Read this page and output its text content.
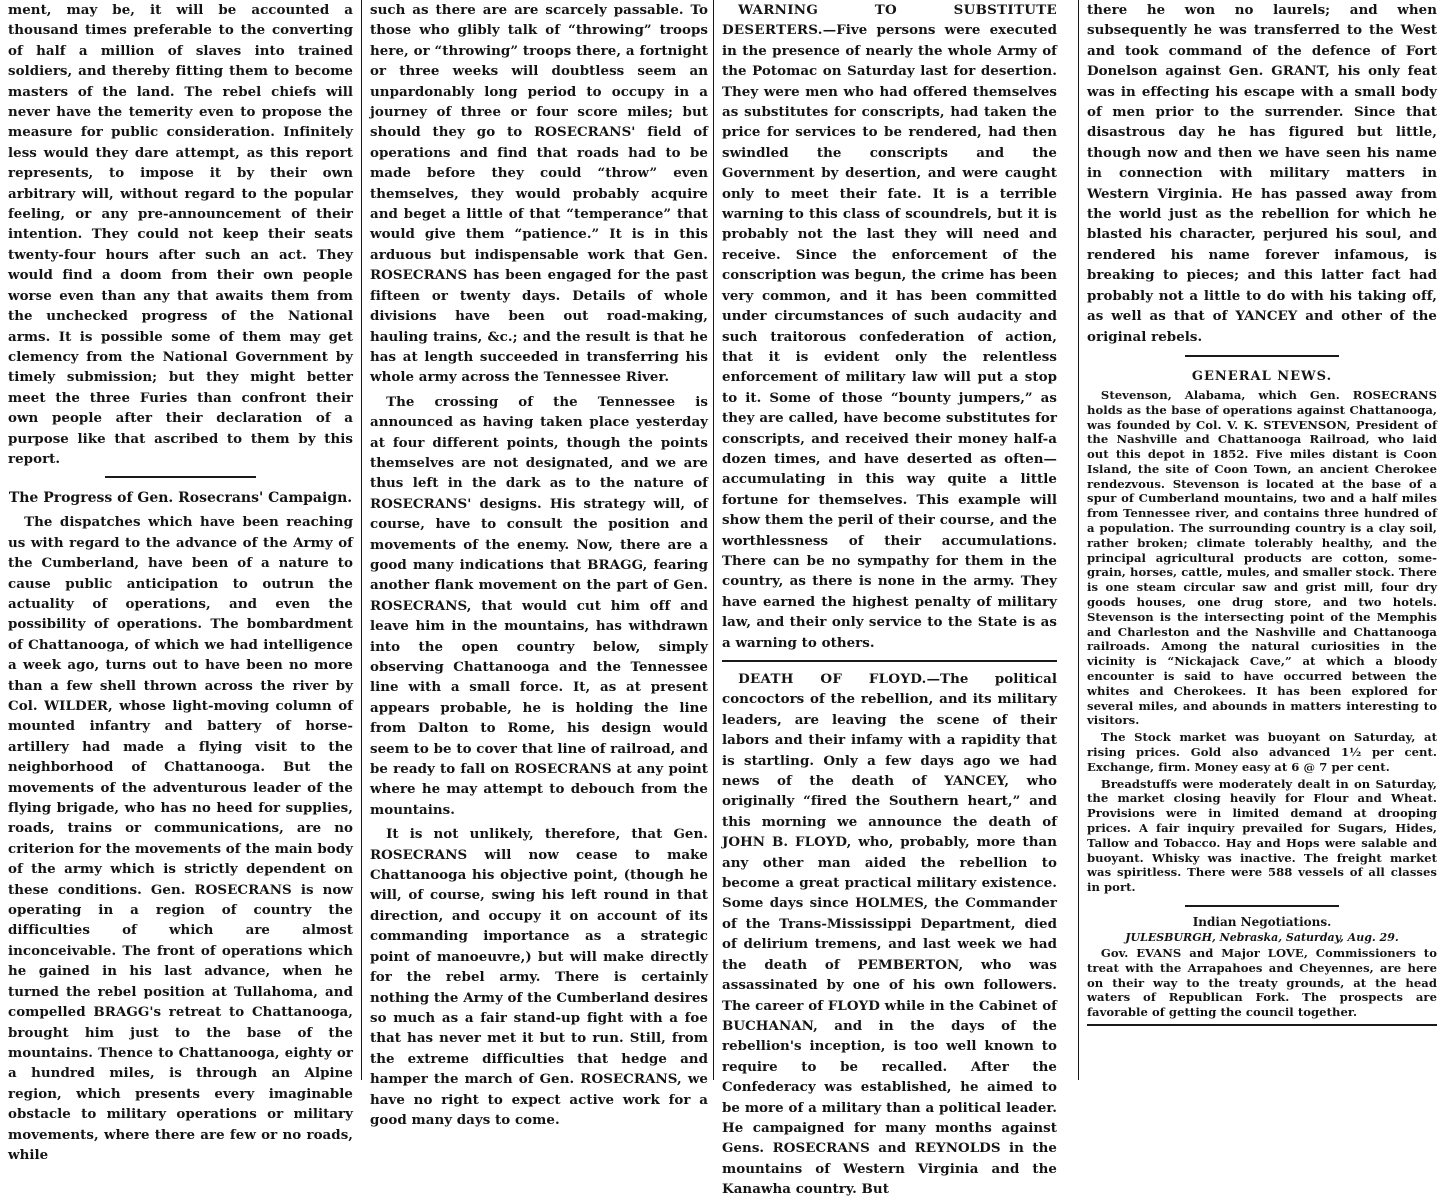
ment, may be, it will be accounted a thousand times preferable to the converting of half a million of slaves into trained soldiers, and thereby fitting them to become masters of the land. The rebel chiefs will never have the temerity even to propose the measure for public consideration. Infinitely less would they dare attempt, as this report represents, to impose it by their own arbitrary will, without regard to the popular feeling, or any pre-announcement of their intention. They could not keep their seats twenty-four hours after such an act. They would find a doom from their own people worse even than any that awaits them from the unchecked progress of the National arms. It is possible some of them may get clemency from the National Government by timely submission; but they might better meet the three Furies than confront their own people after their declaration of a purpose like that ascribed to them by this report.

The Progress of Gen. Rosecrans' Campaign.

The dispatches which have been reaching us with regard to the advance of the Army of the Cumberland, have been of a nature to cause public anticipation to outrun the actuality of operations, and even the possibility of operations. The bombardment of Chattanooga, of which we had intelligence a week ago, turns out to have been no more than a few shell thrown across the river by Col. WILDER, whose light-moving column of mounted infantry and battery of horse-artillery had made a flying visit to the neighborhood of Chattanooga. But the movements of the adventurous leader of the flying brigade, who has no heed for supplies, roads, trains or communications, are no criterion for the movements of the main body of the army which is strictly dependent on these conditions. Gen. ROSECRANS is now operating in a region of country the difficulties of which are almost inconceivable. The front of operations which he gained in his last advance, when he turned the rebel position at Tullahoma, and compelled BRAGG's retreat to Chattanooga, brought him just to the base of the mountains. Thence to Chattanooga, eighty or a hundred miles, is through an Alpine region, which presents every imaginable obstacle to military operations or military movements, where there are few or no roads, while

such as there are are scarcely passable. To those who glibly talk of “throwing” troops here, or “throwing” troops there, a fortnight or three weeks will doubtless seem an unpardonably long period to occupy in a journey of three or four score miles; but should they go to ROSECRANS' field of operations and find that roads had to be made before they could “throw” even themselves, they would probably acquire and beget a little of that “temperance” that would give them “patience.” It is in this arduous but indispensable work that Gen. ROSECRANS has been engaged for the past fifteen or twenty days. Details of whole divisions have been out road-making, hauling trains, &c.; and the result is that he has at length succeeded in transferring his whole army across the Tennessee River.

The crossing of the Tennessee is announced as having taken place yesterday at four different points, though the points themselves are not designated, and we are thus left in the dark as to the nature of ROSECRANS' designs. His strategy will, of course, have to consult the position and movements of the enemy. Now, there are a good many indications that BRAGG, fearing another flank movement on the part of Gen. ROSECRANS, that would cut him off and leave him in the mountains, has withdrawn into the open country below, simply observing Chattanooga and the Tennessee line with a small force. It, as at present appears probable, he is holding the line from Dalton to Rome, his design would seem to be to cover that line of railroad, and be ready to fall on ROSECRANS at any point where he may attempt to debouch from the mountains.

It is not unlikely, therefore, that Gen. ROSECRANS will now cease to make Chattanooga his objective point, (though he will, of course, swing his left round in that direction, and occupy it on account of its commanding importance as a strategic point of manoeuvre,) but will make directly for the rebel army. There is certainly nothing the Army of the Cumberland desires so much as a fair stand-up fight with a foe that has never met it but to run. Still, from the extreme difficulties that hedge and hamper the march of Gen. ROSECRANS, we have no right to expect active work for a good many days to come.

WARNING TO SUBSTITUTE DESERTERS.—Five persons were executed in the presence of nearly the whole Army of the Potomac on Saturday last for desertion. They were men who had offered themselves as substitutes for conscripts, had taken the price for services to be rendered, had then swindled the conscripts and the Government by desertion, and were caught only to meet their fate. It is a terrible warning to this class of scoundrels, but it is probably not the last they will need and receive. Since the enforcement of the conscription was begun, the crime has been very common, and it has been committed under circumstances of such audacity and such traitorous confederation of action, that it is evident only the relentless enforcement of military law will put a stop to it. Some of those “bounty jumpers,” as they are called, have become substitutes for conscripts, and received their money half-a dozen times, and have deserted as often—accumulating in this way quite a little fortune for themselves. This example will show them the peril of their course, and the worthlessness of their accumulations. There can be no sympathy for them in the country, as there is none in the army. They have earned the highest penalty of military law, and their only service to the State is as a warning to others.

DEATH OF FLOYD.—The political concoctors of the rebellion, and its military leaders, are leaving the scene of their labors and their infamy with a rapidity that is startling. Only a few days ago we had news of the death of YANCEY, who originally “fired the Southern heart,” and this morning we announce the death of JOHN B. FLOYD, who, probably, more than any other man aided the rebellion to become a great practical military existence. Some days since HOLMES, the Commander of the Trans-Mississippi Department, died of delirium tremens, and last week we had the death of PEMBERTON, who was assassinated by one of his own followers. The career of FLOYD while in the Cabinet of BUCHANAN, and in the days of the rebellion's inception, is too well known to require to be recalled. After the Confederacy was established, he aimed to be more of a military than a political leader. He campaigned for many months against Gens. ROSECRANS and REYNOLDS in the mountains of Western Virginia and the Kanawha country. But

there he won no laurels; and when subsequently he was transferred to the West and took command of the defence of Fort Donelson against Gen. GRANT, his only feat was in effecting his escape with a small body of men prior to the surrender. Since that disastrous day he has figured but little, though now and then we have seen his name in connection with military matters in Western Virginia. He has passed away from the world just as the rebellion for which he blasted his character, perjured his soul, and rendered his name forever infamous, is breaking to pieces; and this latter fact had probably not a little to do with his taking off, as well as that of YANCEY and other of the original rebels.

GENERAL NEWS.

Stevenson, Alabama, which Gen. ROSECRANS holds as the base of operations against Chattanooga, was founded by Col. V. K. STEVENSON, President of the Nashville and Chattanooga Railroad, who laid out this depot in 1852. Five miles distant is Coon Island, the site of Coon Town, an ancient Cherokee rendezvous. Stevenson is located at the base of a spur of Cumberland mountains, two and a half miles from Tennessee river, and contains three hundred of a population. The surrounding country is a clay soil, rather broken; climate tolerably healthy, and the principal agricultural products are cotton, some-grain, horses, cattle, mules, and smaller stock. There is one steam circular saw and grist mill, four dry goods houses, one drug store, and two hotels. Stevenson is the intersecting point of the Memphis and Charleston and the Nashville and Chattanooga railroads. Among the natural curiosities in the vicinity is “Nickajack Cave,” at which a bloody encounter is said to have occurred between the whites and Cherokees. It has been explored for several miles, and abounds in matters interesting to visitors.

The Stock market was buoyant on Saturday, at rising prices. Gold also advanced 1½ per cent. Exchange, firm. Money easy at 6 @ 7 per cent.

Breadstuffs were moderately dealt in on Saturday, the market closing heavily for Flour and Wheat. Provisions were in limited demand at drooping prices. A fair inquiry prevailed for Sugars, Hides, Tallow and Tobacco. Hay and Hops were salable and buoyant. Whisky was inactive. The freight market was spiritless. There were 588 vessels of all classes in port.

Indian Negotiations.
JULESBURGH, Nebraska, Saturday, Aug. 29.

Gov. EVANS and Major LOVE, Commissioners to treat with the Arrapahoes and Cheyennes, are here on their way to the treaty grounds, at the head waters of Republican Fork. The prospects are favorable of getting the council together.
